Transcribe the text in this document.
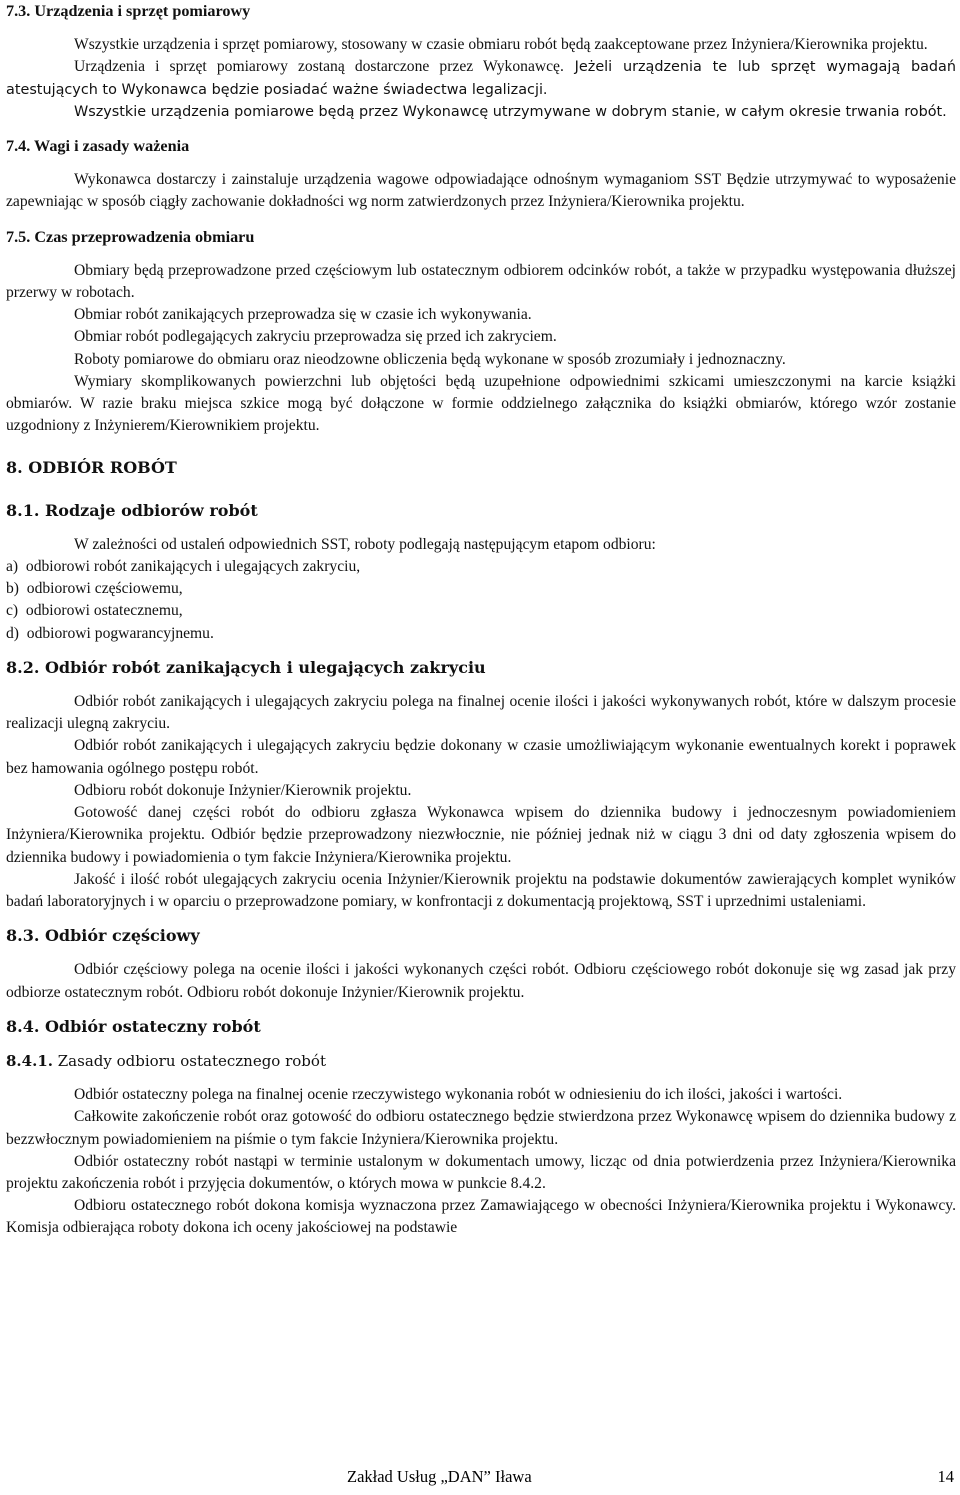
7.3. Urządzenia i sprzęt pomiarowy

Wszystkie urządzenia i sprzęt pomiarowy, stosowany w czasie obmiaru robót będą zaakceptowane przez Inżyniera/Kierownika projektu.

Urządzenia i sprzęt pomiarowy zostaną dostarczone przez Wykonawcę. Jeżeli urządzenia te lub sprzęt wymagają badań atestujących to Wykonawca będzie posiadać ważne świadectwa legalizacji.

Wszystkie urządzenia pomiarowe będą przez Wykonawcę utrzymywane w dobrym stanie, w całym okresie trwania robót.

7.4. Wagi i zasady ważenia

Wykonawca dostarczy i zainstaluje urządzenia wagowe odpowiadające odnośnym wymaganiom SST Będzie utrzymywać to wyposażenie zapewniając w sposób ciągły zachowanie dokładności wg norm zatwierdzonych przez Inżyniera/Kierownika projektu.

7.5. Czas przeprowadzenia obmiaru

Obmiary będą przeprowadzone przed częściowym lub ostatecznym odbiorem odcinków robót, a także w przypadku występowania dłuższej przerwy w robotach.

Obmiar robót zanikających przeprowadza się w czasie ich wykonywania.

Obmiar robót podlegających zakryciu przeprowadza się przed ich zakryciem.

Roboty pomiarowe do obmiaru oraz nieodzowne obliczenia będą wykonane w sposób zrozumiały i jednoznaczny.

Wymiary skomplikowanych powierzchni lub objętości będą uzupełnione odpowiednimi szkicami umieszczonymi na karcie książki obmiarów. W razie braku miejsca szkice mogą być dołączone w formie oddzielnego załącznika do książki obmiarów, którego wzór zostanie uzgodniony z Inżynierem/Kierownikiem projektu.

8. ODBIÓR ROBÓT

8.1. Rodzaje odbiorów robót

W zależności od ustaleń odpowiednich SST, roboty podlegają następującym etapom odbioru:

a)  odbiorowi robót zanikających i ulegających zakryciu,

b)  odbiorowi częściowemu,

c)  odbiorowi ostatecznemu,

d)  odbiorowi pogwarancyjnemu.

8.2. Odbiór robót zanikających i ulegających zakryciu

Odbiór robót zanikających i ulegających zakryciu polega na finalnej ocenie ilości i jakości wykonywanych robót, które w dalszym procesie realizacji ulegną zakryciu.

Odbiór robót zanikających i ulegających zakryciu będzie dokonany w czasie umożliwiającym wykonanie ewentualnych korekt i poprawek bez hamowania ogólnego postępu robót.

Odbioru robót dokonuje Inżynier/Kierownik projektu.

Gotowość danej części robót do odbioru zgłasza Wykonawca wpisem do dziennika budowy i jednoczesnym powiadomieniem Inżyniera/Kierownika projektu. Odbiór będzie przeprowadzony niezwłocznie, nie później jednak niż w ciągu 3 dni od daty zgłoszenia wpisem do dziennika budowy i powiadomienia o tym fakcie Inżyniera/Kierownika projektu.

Jakość i ilość robót ulegających zakryciu ocenia Inżynier/Kierownik projektu na podstawie dokumentów zawierających komplet wyników badań laboratoryjnych i w oparciu o przeprowadzone pomiary, w konfrontacji z dokumentacją projektową, SST i uprzednimi ustaleniami.

8.3. Odbiór częściowy

Odbiór częściowy polega na ocenie ilości i jakości wykonanych części robót. Odbioru częściowego robót dokonuje się wg zasad jak przy odbiorze ostatecznym robót. Odbioru robót dokonuje Inżynier/Kierownik projektu.

8.4. Odbiór ostateczny robót

8.4.1. Zasady odbioru ostatecznego robót

Odbiór ostateczny polega na finalnej ocenie rzeczywistego wykonania robót w odniesieniu do ich ilości, jakości i wartości.

Całkowite zakończenie robót oraz gotowość do odbioru ostatecznego będzie stwierdzona przez Wykonawcę wpisem do dziennika budowy z bezzwłocznym powiadomieniem na piśmie o tym fakcie Inżyniera/Kierownika projektu.

Odbiór ostateczny robót nastąpi w terminie ustalonym w dokumentach umowy, licząc od dnia potwierdzenia przez Inżyniera/Kierownika projektu zakończenia robót i przyjęcia dokumentów, o których mowa w punkcie 8.4.2.

Odbioru ostatecznego robót dokona komisja wyznaczona przez Zamawiającego w obecności Inżyniera/Kierownika projektu i Wykonawcy. Komisja odbierająca roboty dokona ich oceny jakościowej na podstawie

Zakład Usług „DAN” Iława	14
